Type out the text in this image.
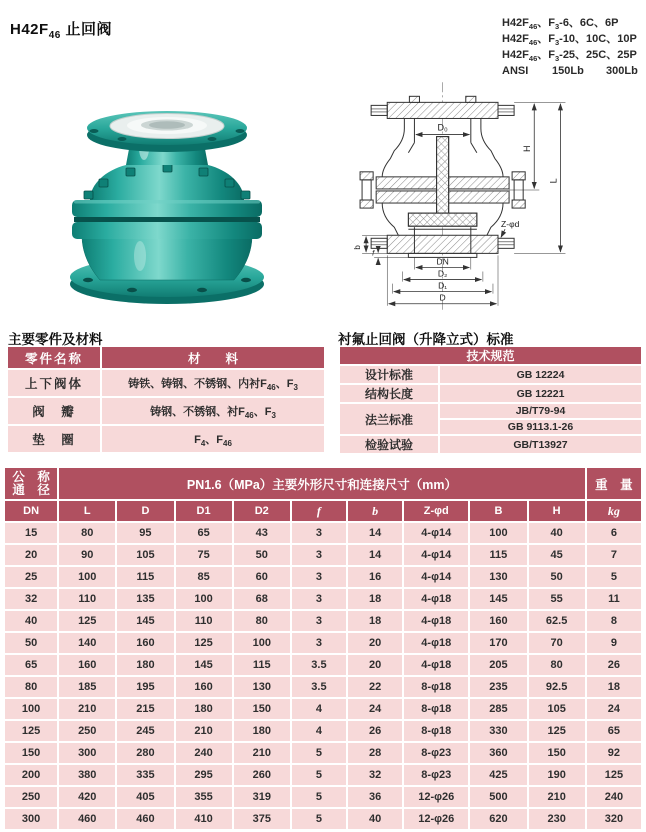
$H42F_{46}$ 止回阀	$H42F_{46}$、$F_3-6$、6C、6P
$H42F_{46}$、$F_3-10$、10C、10P
$H42F_{46}$、$F_3-25$、25C、25P
ANSI 150Lb 300Lb
D₀
H
L
Z-φd
b
f
DN
D₂
D₁
D
主要零件及材料	衬氟止回阀（升降立式）标准
零件名称	材　　料
上下阀体	铸铁、铸钢、不锈钢、内衬$F_{46}$、$F_3$
阀　瓣	铸钢、不锈钢、衬$F_{46}$、$F_3$
垫　圈	$F_4$、$F_{46}$
技术规范	
设计标准	GB 12224
结构长度	GB 12221
法兰标准	JB/T79-94
	GB 9113.1-26
检验试验	GB/T13927
公　称
通　径	PN1.6（MPa）主要外形尺寸和连接尺寸（mm）									重　量
DN	L	D	D1	D2	f	b	Z-φd	B	H	kg
15	80	95	65	43	3	14	4-φ14	100	40	6
20	90	105	75	50	3	14	4-φ14	115	45	7
25	100	115	85	60	3	16	4-φ14	130	50	5
32	110	135	100	68	3	18	4-φ18	145	55	11
40	125	145	110	80	3	18	4-φ18	160	62.5	8
50	140	160	125	100	3	20	4-φ18	170	70	9
65	160	180	145	115	3.5	20	4-φ18	205	80	26
80	185	195	160	130	3.5	22	8-φ18	235	92.5	18
100	210	215	180	150	4	24	8-φ18	285	105	24
125	250	245	210	180	4	26	8-φ18	330	125	65
150	300	280	240	210	5	28	8-φ23	360	150	92
200	380	335	295	260	5	32	8-φ23	425	190	125
250	420	405	355	319	5	36	12-φ26	500	210	240
300	460	460	410	375	5	40	12-φ26	620	230	320
